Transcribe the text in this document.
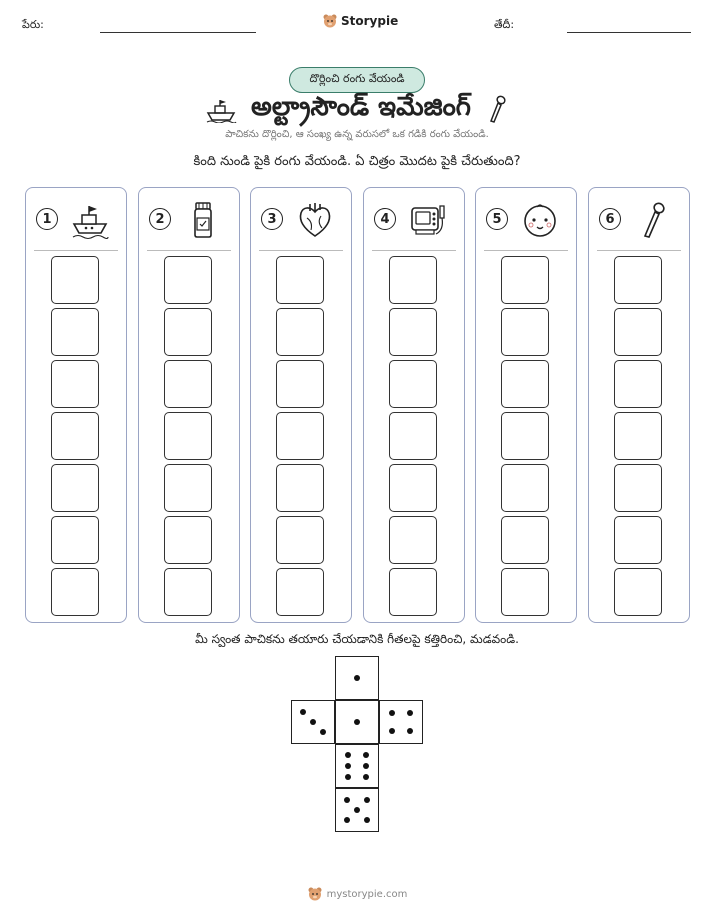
పేరు:	Storypie	తేదీ:
దొర్లించి రంగు వేయండి
అల్ట్రాసౌండ్ ఇమేజింగ్
పాచికను దొర్లించి, ఆ సంఖ్య ఉన్న వరుసలో ఒక గడికి రంగు వేయండి.
కింది నుండి పైకి రంగు వేయండి. ఏ చిత్రం మొదట పైకి చేరుతుంది?
1	2	3	4	5	6
మీ స్వంత పాచికను తయారు చేయడానికి గీతలపై కత్తిరించి, మడవండి.
mystorypie.com
